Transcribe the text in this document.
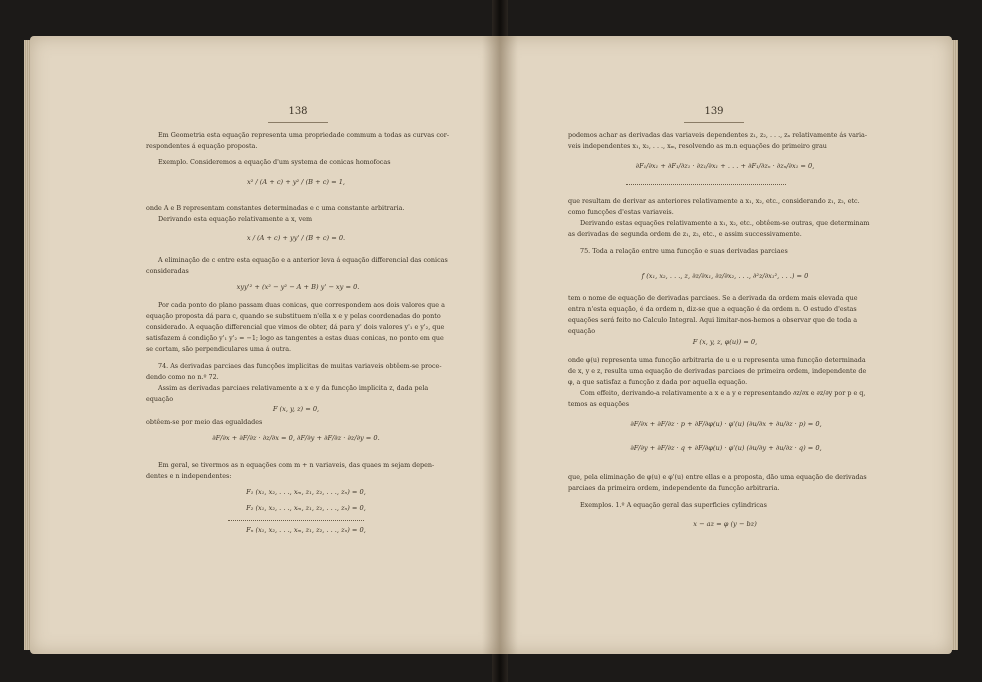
138
Em Geometria esta equação representa uma propriedade commum a todas as curvas cor-
respondentes á equação proposta.
Exemplo. Consideremos a equação d'um systema de conicas homofocas
x² / (A + c) + y² / (B + c) = 1,
onde A e B representam constantes determinadas e c uma constante arbitraria.
Derivando esta equação relativamente a x, vem
x / (A + c) + yy' / (B + c) = 0.
A eliminação de c entre esta equação e a anterior leva á equação differencial das conicas
consideradas
xyy'² + (x² − y² − A + B) y' − xy = 0.
Por cada ponto do plano passam duas conicas, que correspondem aos dois valores que a
equação proposta dá para c, quando se substituem n'ella x e y pelas coordenadas do ponto
considerado. A equação differencial que vimos de obter, dá para y' dois valores y'₁ e y'₂, que
satisfazem á condição y'₁ y'₂ = −1; logo as tangentes a estas duas conicas, no ponto em que
se cortam, são perpendiculares uma á outra.
74. As derivadas parciaes das funcções implicitas de muitas variaveis obtêem-se proce-
dendo como no n.º 72.
Assim as derivadas parciaes relativamente a x e y da funcção implicita z, dada pela
equação
F (x, y, z) = 0,
obtêem-se por meio das egualdades
∂F/∂x + ∂F/∂z · ∂z/∂x = 0, ∂F/∂y + ∂F/∂z · ∂z/∂y = 0.
Em geral, se tivermos as n equações com m + n variaveis, das quaes m sejam depen-
dentes e n independentes:
F₁ (x₁, x₂, . . ., xₘ, z₁, z₂, . . ., zₙ) = 0,
F₂ (x₁, x₂, . . ., xₘ, z₁, z₂, . . ., zₙ) = 0,
Fₙ (x₁, x₂, . . ., xₘ, z₁, z₂, . . ., zₙ) = 0,
139
podemos achar as derivadas das variaveis dependentes z₁, z₂, . . ., zₙ relativamente ás varia-
veis independentes x₁, x₂, . . ., xₘ, resolvendo as m.n equações do primeiro grau
∂F₁/∂x₁ + ∂F₁/∂z₁ · ∂z₁/∂x₁ + . . . + ∂F₁/∂zₙ · ∂zₙ/∂x₁ = 0,
que resultam de derivar as anteriores relativamente a x₁, x₂, etc., considerando z₁, z₂, etc.
como funcções d'estas variaveis.
Derivando estas equações relativamente a x₁, x₂, etc., obtêem-se outras, que determinam
as derivadas de segunda ordem de z₁, z₂, etc., e assim successivamente.
75. Toda a relação entre uma funcção e suas derivadas parciaes
f (x₁, x₂, . . ., z, ∂z/∂x₁, ∂z/∂x₂, . . ., ∂²z/∂x₁², . . .) = 0
tem o nome de equação de derivadas parciaes. Se a derivada da ordem mais elevada que
entra n'esta equação, é da ordem n, diz-se que a equação é da ordem n. O estudo d'estas
equações será feito no Calculo Integral. Aqui limitar-nos-hemos a observar que de toda a
equação
F (x, y, z, φ(u)) = 0,
onde φ(u) representa uma funcção arbitraria de u e u representa uma funcção determinada
de x, y e z, resulta uma equação de derivadas parciaes de primeira ordem, independente de
φ, a que satisfaz a funcção z dada por aquella equação.
Com effeito, derivando-a relativamente a x e a y e representando ∂z/∂x e ∂z/∂y por p e q,
temos as equações
∂F/∂x + ∂F/∂z · p + ∂F/∂φ(u) · φ'(u) (∂u/∂x + ∂u/∂z · p) = 0,
∂F/∂y + ∂F/∂z · q + ∂F/∂φ(u) · φ'(u) (∂u/∂y + ∂u/∂z · q) = 0,
que, pela eliminação de φ(u) e φ'(u) entre ellas e a proposta, dão uma equação de derivadas
parciaes da primeira ordem, independente da funcção arbitraria.
Exemplos. 1.º A equação geral das superficies cylindricas
x − az = φ (y − bz)
